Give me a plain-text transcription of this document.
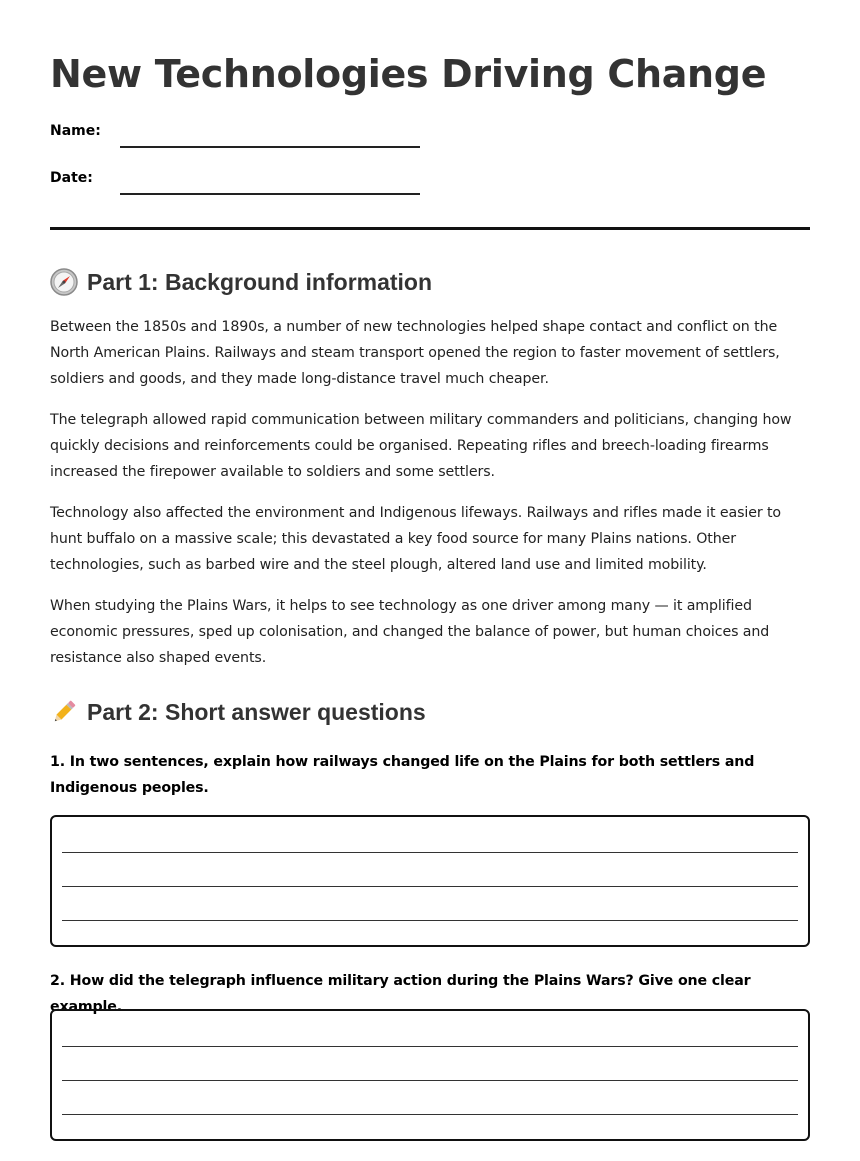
New Technologies Driving Change
Name:
Date:
Part 1: Background information

Between the 1850s and 1890s, a number of new technologies helped shape contact and conflict on the North American Plains. Railways and steam transport opened the region to faster movement of settlers, soldiers and goods, and they made long-distance travel much cheaper.

The telegraph allowed rapid communication between military commanders and politicians, changing how quickly decisions and reinforcements could be organised. Repeating rifles and breech-loading firearms increased the firepower available to soldiers and some settlers.

Technology also affected the environment and Indigenous lifeways. Railways and rifles made it easier to hunt buffalo on a massive scale; this devastated a key food source for many Plains nations. Other technologies, such as barbed wire and the steel plough, altered land use and limited mobility.

When studying the Plains Wars, it helps to see technology as one driver among many — it amplified economic pressures, sped up colonisation, and changed the balance of power, but human choices and resistance also shaped events.

Part 2: Short answer questions

1. In two sentences, explain how railways changed life on the Plains for both settlers and Indigenous peoples.

2. How did the telegraph influence military action during the Plains Wars? Give one clear example.
